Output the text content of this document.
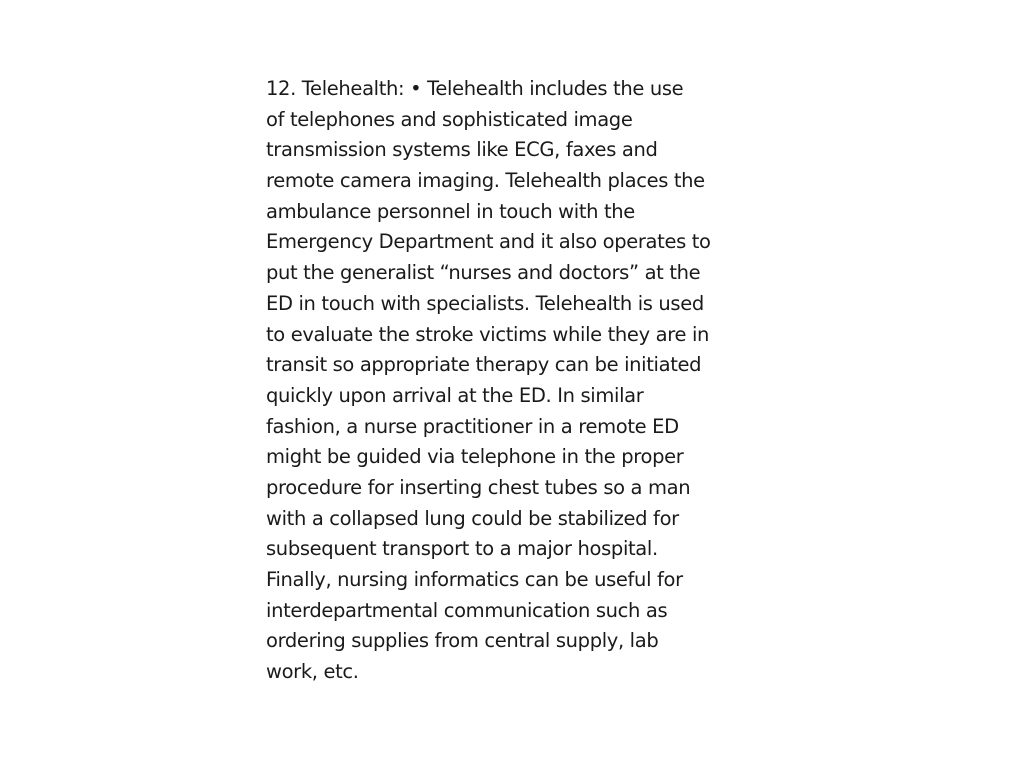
12. Telehealth: • Telehealth includes the use
of telephones and sophisticated image
transmission systems like ECG, faxes and
remote camera imaging. Telehealth places the
ambulance personnel in touch with the
Emergency Department and it also operates to
put the generalist “nurses and doctors” at the
ED in touch with specialists. Telehealth is used
to evaluate the stroke victims while they are in
transit so appropriate therapy can be initiated
quickly upon arrival at the ED. In similar
fashion, a nurse practitioner in a remote ED
might be guided via telephone in the proper
procedure for inserting chest tubes so a man
with a collapsed lung could be stabilized for
subsequent transport to a major hospital.
Finally, nursing informatics can be useful for
interdepartmental communication such as
ordering supplies from central supply, lab
work, etc.
